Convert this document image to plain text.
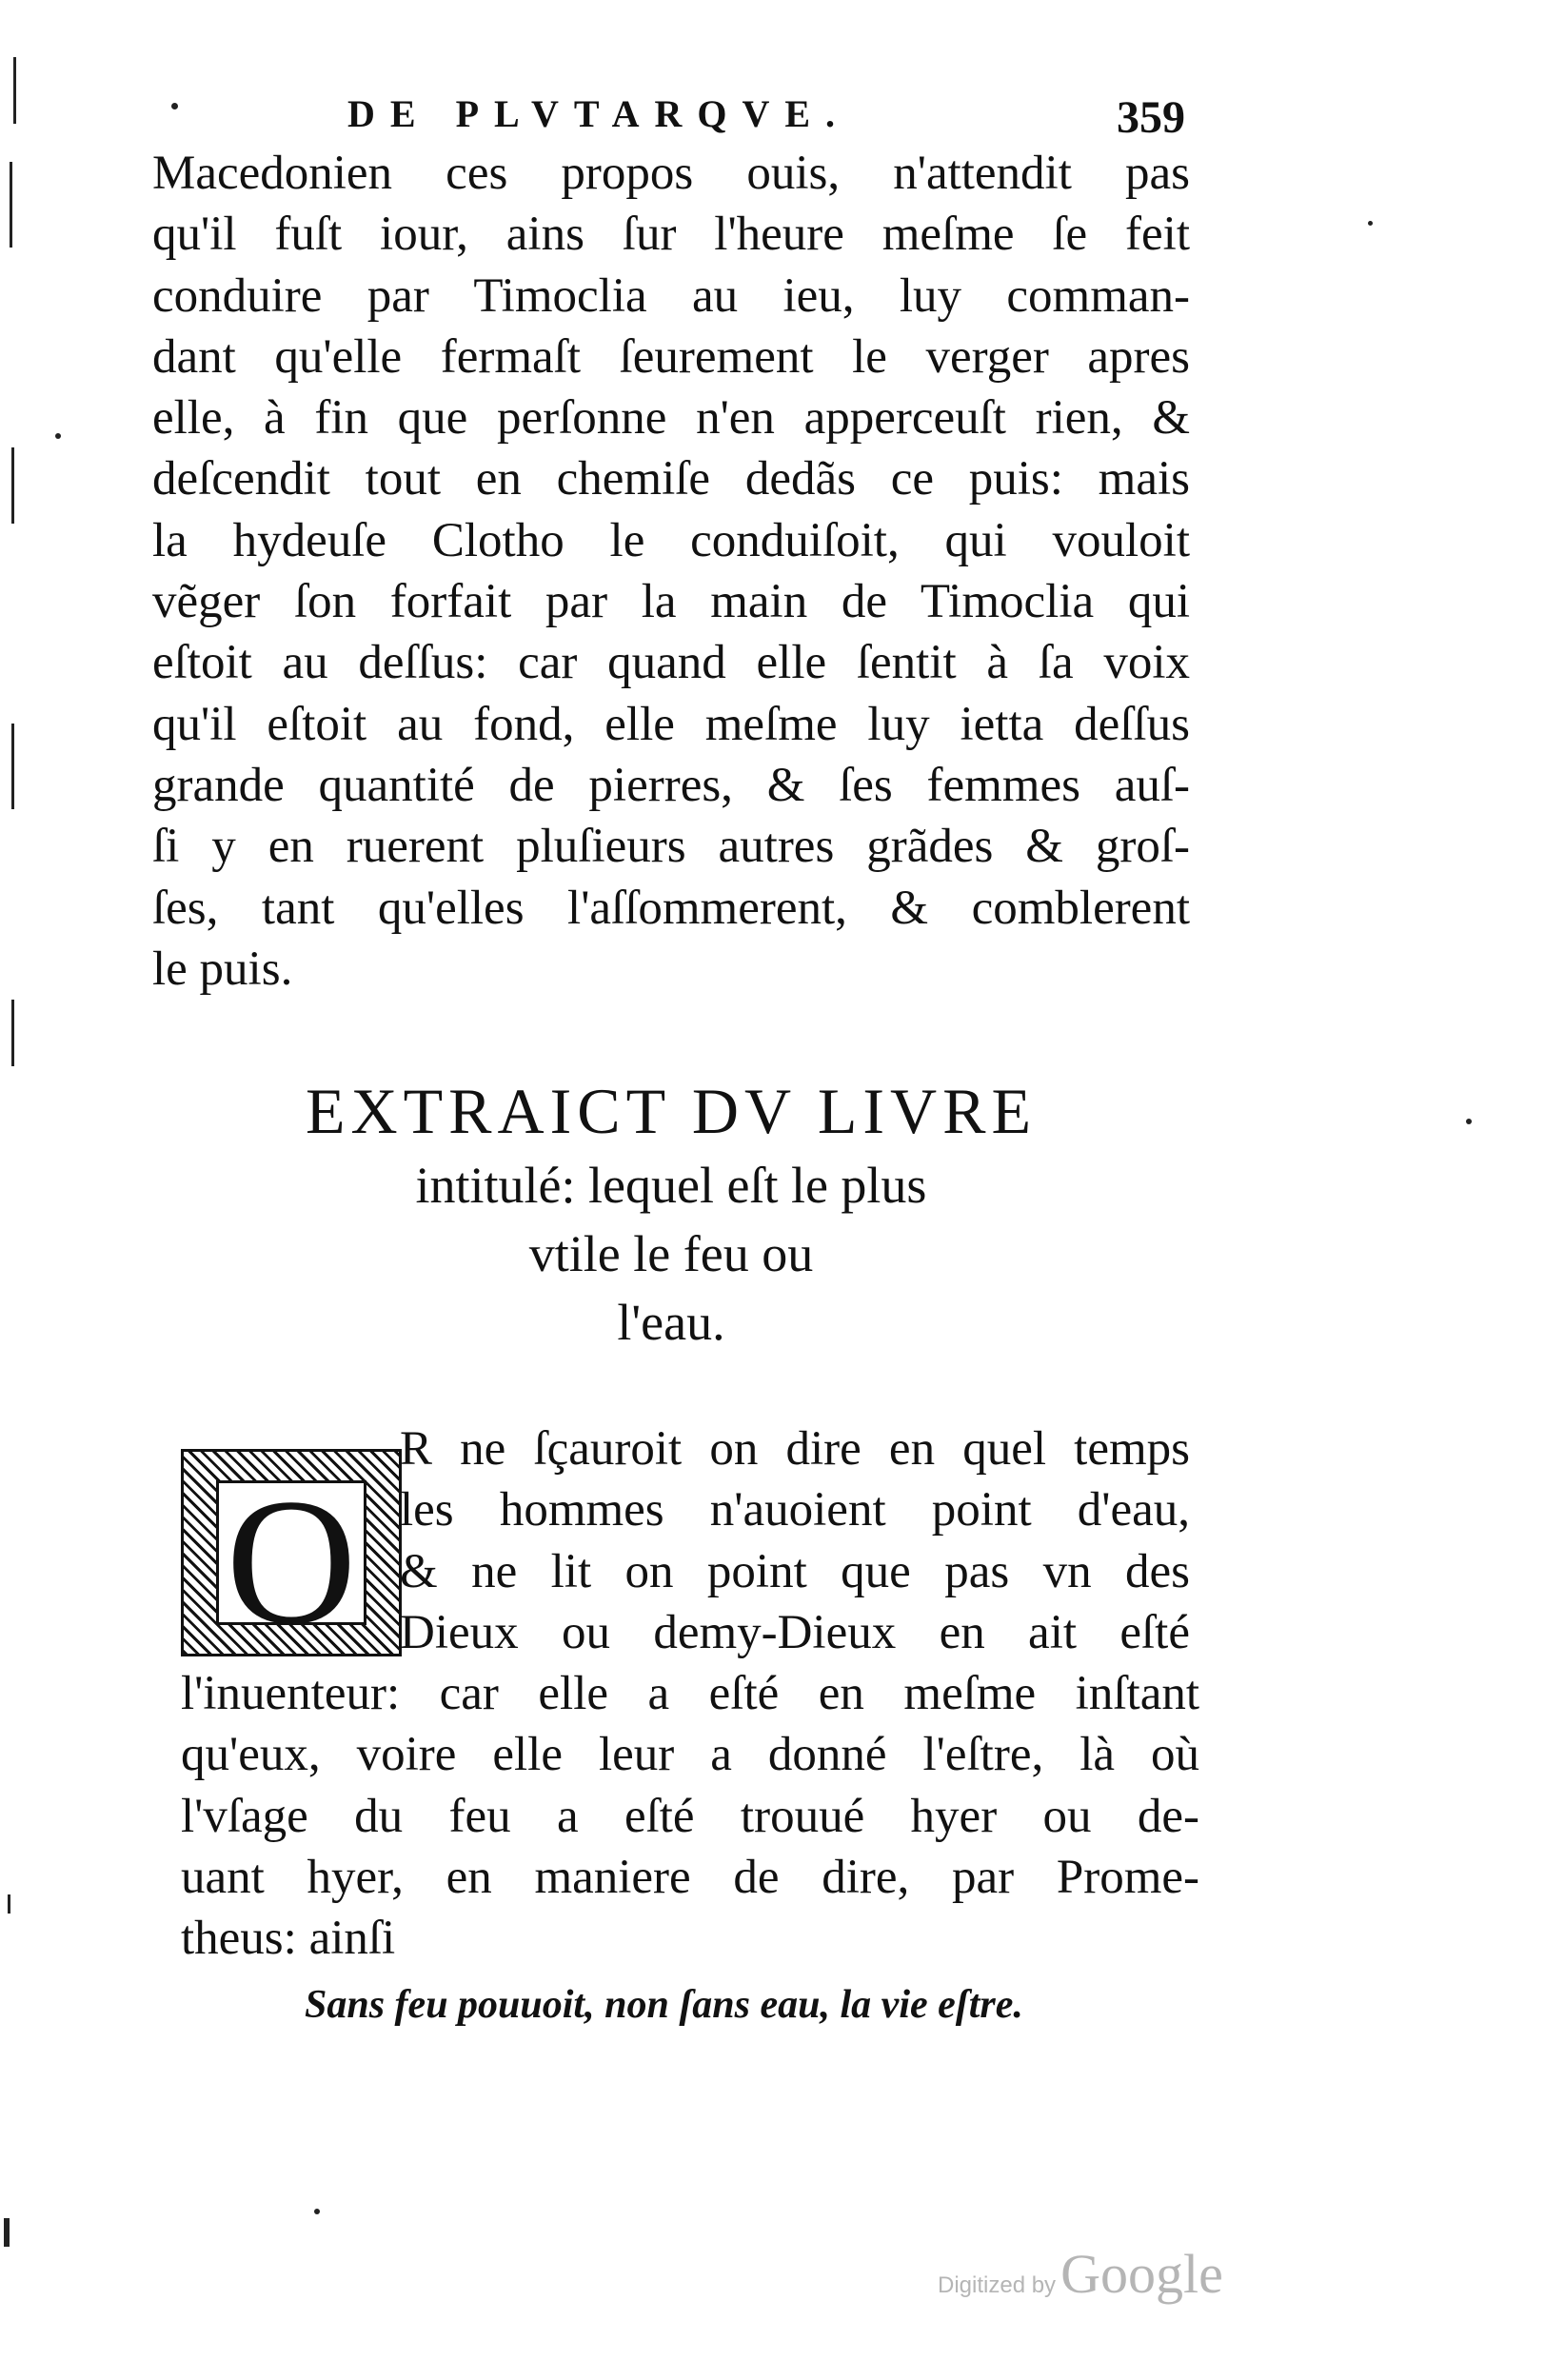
DE PLVTARQVE.	359
Macedonien ces propos ouis, n'attendit pas
qu'il fuſt iour, ains ſur l'heure meſme ſe feit
conduire par Timoclia au ieu, luy comman-
dant qu'elle fermaſt ſeurement le verger apres
elle, à fin que perſonne n'en apperceuſt rien, &
deſcendit tout en chemiſe dedãs ce puis: mais
la hydeuſe Clotho le conduiſoit, qui vouloit
vẽger ſon forfait par la main de Timoclia qui
eſtoit au deſſus: car quand elle ſentit à ſa voix
qu'il eſtoit au fond, elle meſme luy ietta deſſus
grande quantité de pierres, & ſes femmes auſ-
ſi y en ruerent pluſieurs autres grãdes & groſ-
ſes, tant qu'elles l'aſſommerent, & comblerent
le puis.
EXTRAICT DV LIVRE
intitulé: lequel eſt le plus
vtile le feu ou
l'eau.
O
R ne ſçauroit on dire en quel temps
les hommes n'auoient point d'eau,
& ne lit on point que pas vn des
Dieux ou demy-Dieux en ait eſté
l'inuenteur: car elle a eſté en meſme inſtant
qu'eux, voire elle leur a donné l'eſtre, là où
l'vſage du feu a eſté trouué hyer ou de-
uant hyer, en maniere de dire, par Prome-
theus: ainſi
Sans feu pouuoit, non ſans eau, la vie eſtre.
Digitized by Google
